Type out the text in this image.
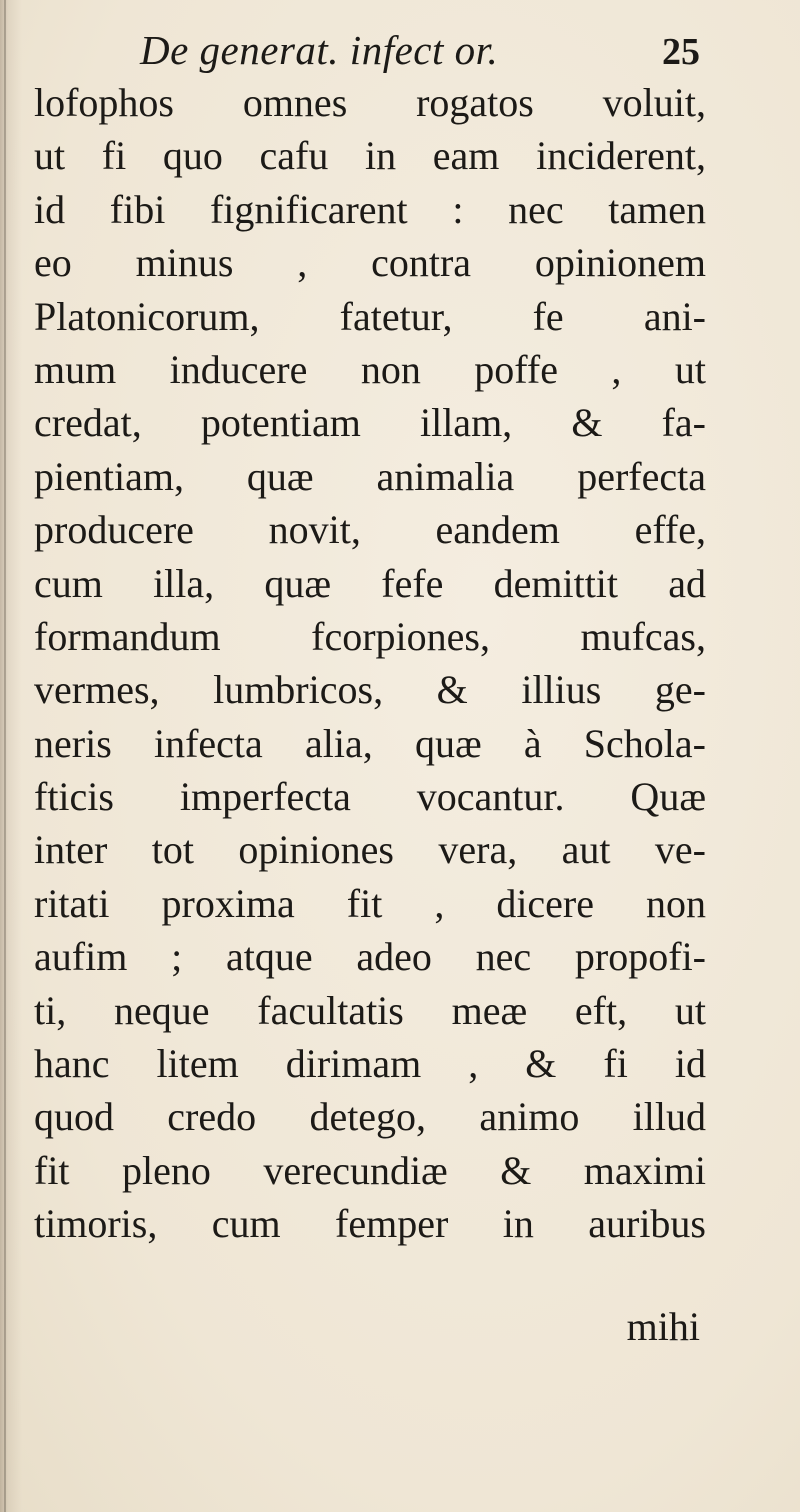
De generat. infect or.	25
lofophos omnes rogatos voluit,
ut fi quo cafu in eam inciderent,
id fibi fignificarent : nec tamen
eo minus , contra opinionem
Platonicorum, fatetur, fe ani-
mum inducere non poffe , ut
credat, potentiam illam, & fa-
pientiam, quæ animalia perfecta
producere novit, eandem effe,
cum illa, quæ fefe demittit ad
formandum fcorpiones, mufcas,
vermes, lumbricos, & illius ge-
neris infecta alia, quæ à Schola-
fticis imperfecta vocantur. Quæ
inter tot opiniones vera, aut ve-
ritati proxima fit , dicere non
aufim ; atque adeo nec propofi-
ti, neque facultatis meæ eft, ut
hanc litem dirimam , & fi id
quod credo detego, animo illud
fit pleno verecundiæ & maximi
timoris, cum femper in auribus
mihi
